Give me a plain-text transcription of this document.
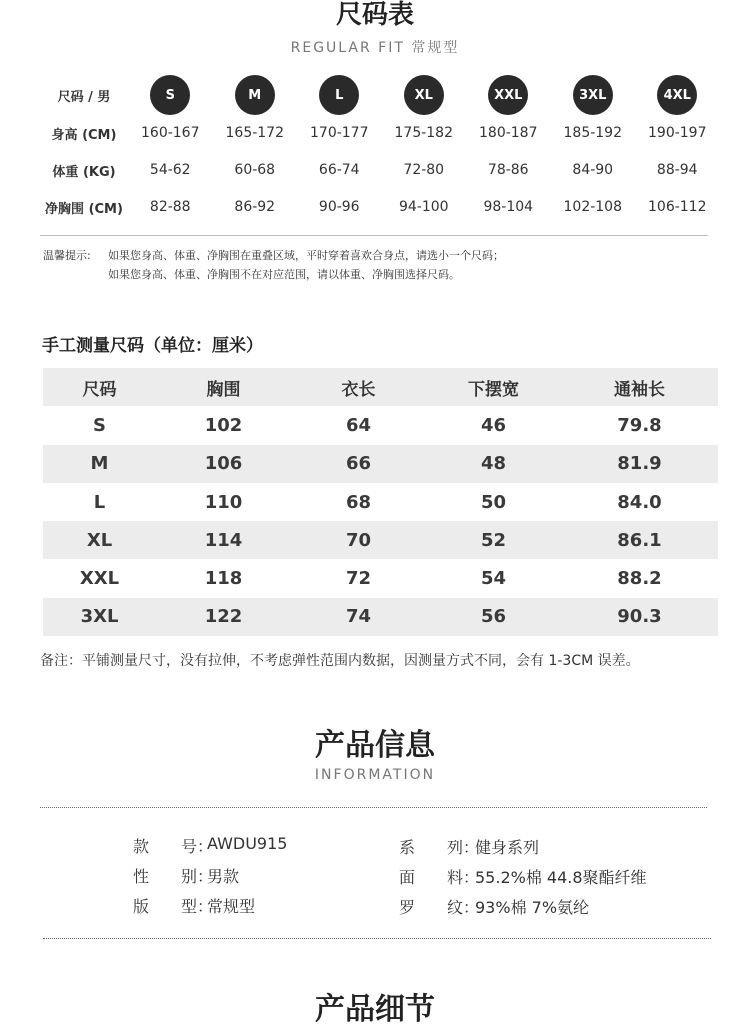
尺码表
REGULAR FIT 常规型
尺码 / 男	S	M	L	XL	XXL	3XL	4XL
身高 (CM)	160-167	165-172	170-177	175-182	180-187	185-192	190-197
体重 (KG)	54-62	60-68	66-74	72-80	78-86	84-90	88-94
净胸围 (CM)	82-88	86-92	90-96	94-100	98-104	102-108	106-112
温馨提示: 如果您身高、体重、净胸围在重叠区域，平时穿着喜欢合身点，请选小一个尺码；
如果您身高、体重、净胸围不在对应范围，请以体重、净胸围选择尺码。
手工测量尺码（单位：厘米）
尺码	胸围	衣长	下摆宽	通袖长
S	102	64	46	79.8
M	106	66	48	81.9
L	110	68	50	84.0
XL	114	70	52	86.1
XXL	118	72	54	88.2
3XL	122	74	56	90.3
备注：平铺测量尺寸，没有拉伸，不考虑弹性范围内数据，因测量方式不同，会有 1-3CM 误差。
产品信息
INFORMATION
款　　号：
AWDU915
性　　别：
男款
版　　型：
常规型
系　　列：
健身系列
面　　料：
55.2%棉 44.8聚酯纤维
罗　　纹：
93%棉 7%氨纶
产品细节
